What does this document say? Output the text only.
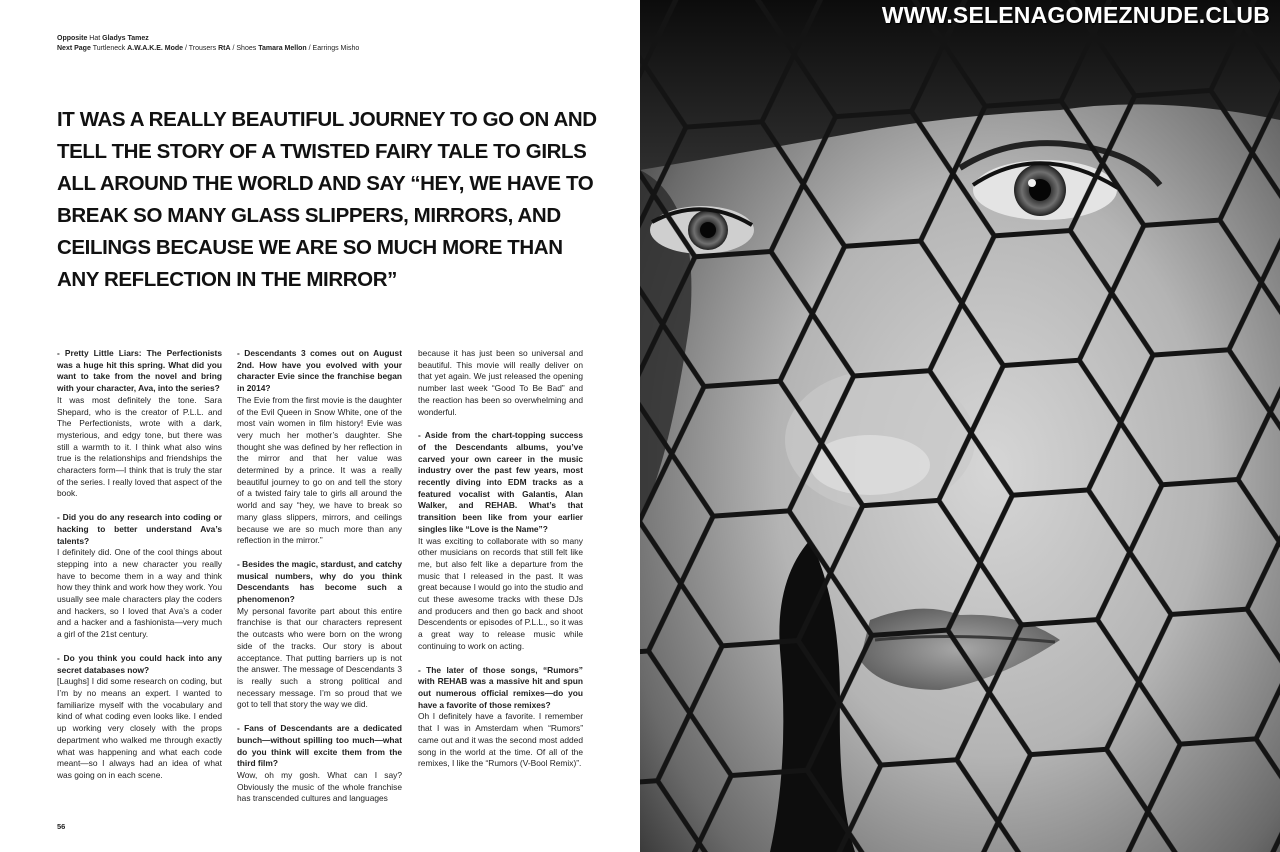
Opposite Hat Gladys Tamez
Next Page Turtleneck A.W.A.K.E. Mode / Trousers RtA / Shoes Tamara Mellon / Earrings Misho
IT WAS A REALLY BEAUTIFUL JOURNEY TO GO ON AND TELL THE STORY OF A TWISTED FAIRY TALE TO GIRLS ALL AROUND THE WORLD AND SAY “HEY, WE HAVE TO BREAK SO MANY GLASS SLIPPERS, MIRRORS, AND CEILINGS BECAUSE WE ARE SO MUCH MORE THAN ANY REFLECTION IN THE MIRROR”

- Pretty Little Liars: The Perfectionists was a huge hit this spring. What did you want to take from the novel and bring with your character, Ava, into the series?

It was most definitely the tone. Sara Shepard, who is the creator of P.L.L. and The Perfectionists, wrote with a dark, mysterious, and edgy tone, but there was still a warmth to it. I think what also wins true is the relationships and friendships the characters form—I think that is truly the star of the series. I really loved that aspect of the book.

- Did you do any research into coding or hacking to better understand Ava’s talents?

I definitely did. One of the cool things about stepping into a new character you really have to become them in a way and think how they think and work how they work. You usually see male characters play the coders and hackers, so I loved that Ava’s a coder and a hacker and a fashionista—very much a girl of the 21st century.

- Do you think you could hack into any secret databases now?

[Laughs] I did some research on coding, but I’m by no means an expert. I wanted to familiarize myself with the vocabulary and kind of what coding even looks like. I ended up working very closely with the props department who walked me through exactly what was happening and what each code meant—so I always had an idea of what was going on in each scene.

- Descendants 3 comes out on August 2nd. How have you evolved with your character Evie since the franchise began in 2014?

The Evie from the first movie is the daughter of the Evil Queen in Snow White, one of the most vain women in film history! Evie was very much her mother’s daughter. She thought she was defined by her reflection in the mirror and that her value was determined by a prince. It was a really beautiful journey to go on and tell the story of a twisted fairy tale to girls all around the world and say “hey, we have to break so many glass slippers, mirrors, and ceilings because we are so much more than any reflection in the mirror.”

- Besides the magic, stardust, and catchy musical numbers, why do you think Descendants has become such a phenomenon?

My personal favorite part about this entire franchise is that our characters represent the outcasts who were born on the wrong side of the tracks. Our story is about acceptance. That putting barriers up is not the answer. The message of Descendants 3 is really such a strong political and necessary message. I’m so proud that we got to tell that story the way we did.

- Fans of Descendants are a dedicated bunch—without spilling too much—what do you think will excite them from the third film?

Wow, oh my gosh. What can I say? Obviously the music of the whole franchise has transcended cultures and languages

because it has just been so universal and beautiful. This movie will really deliver on that yet again. We just released the opening number last week “Good To Be Bad” and the reaction has been so overwhelming and wonderful.

- Aside from the chart-topping success of the Descendants albums, you’ve carved your own career in the music industry over the past few years, most recently diving into EDM tracks as a featured vocalist with Galantis, Alan Walker, and REHAB. What’s that transition been like from your earlier singles like “Love is the Name”?

It was exciting to collaborate with so many other musicians on records that still felt like me, but also felt like a departure from the music that I released in the past. It was great because I would go into the studio and cut these awesome tracks with these DJs and producers and then go back and shoot Descendents or episodes of P.L.L., so it was a great way to release music while continuing to work on acting.

- The later of those songs, “Rumors” with REHAB was a massive hit and spun out numerous official remixes—do you have a favorite of those remixes?

Oh I definitely have a favorite. I remember that I was in Amsterdam when “Rumors” came out and it was the second most added song in the world at the time. Of all of the remixes, I like the “Rumors (V-Bool Remix)”.

56
WWW.SELENAGOMEZNUDE.CLUB
